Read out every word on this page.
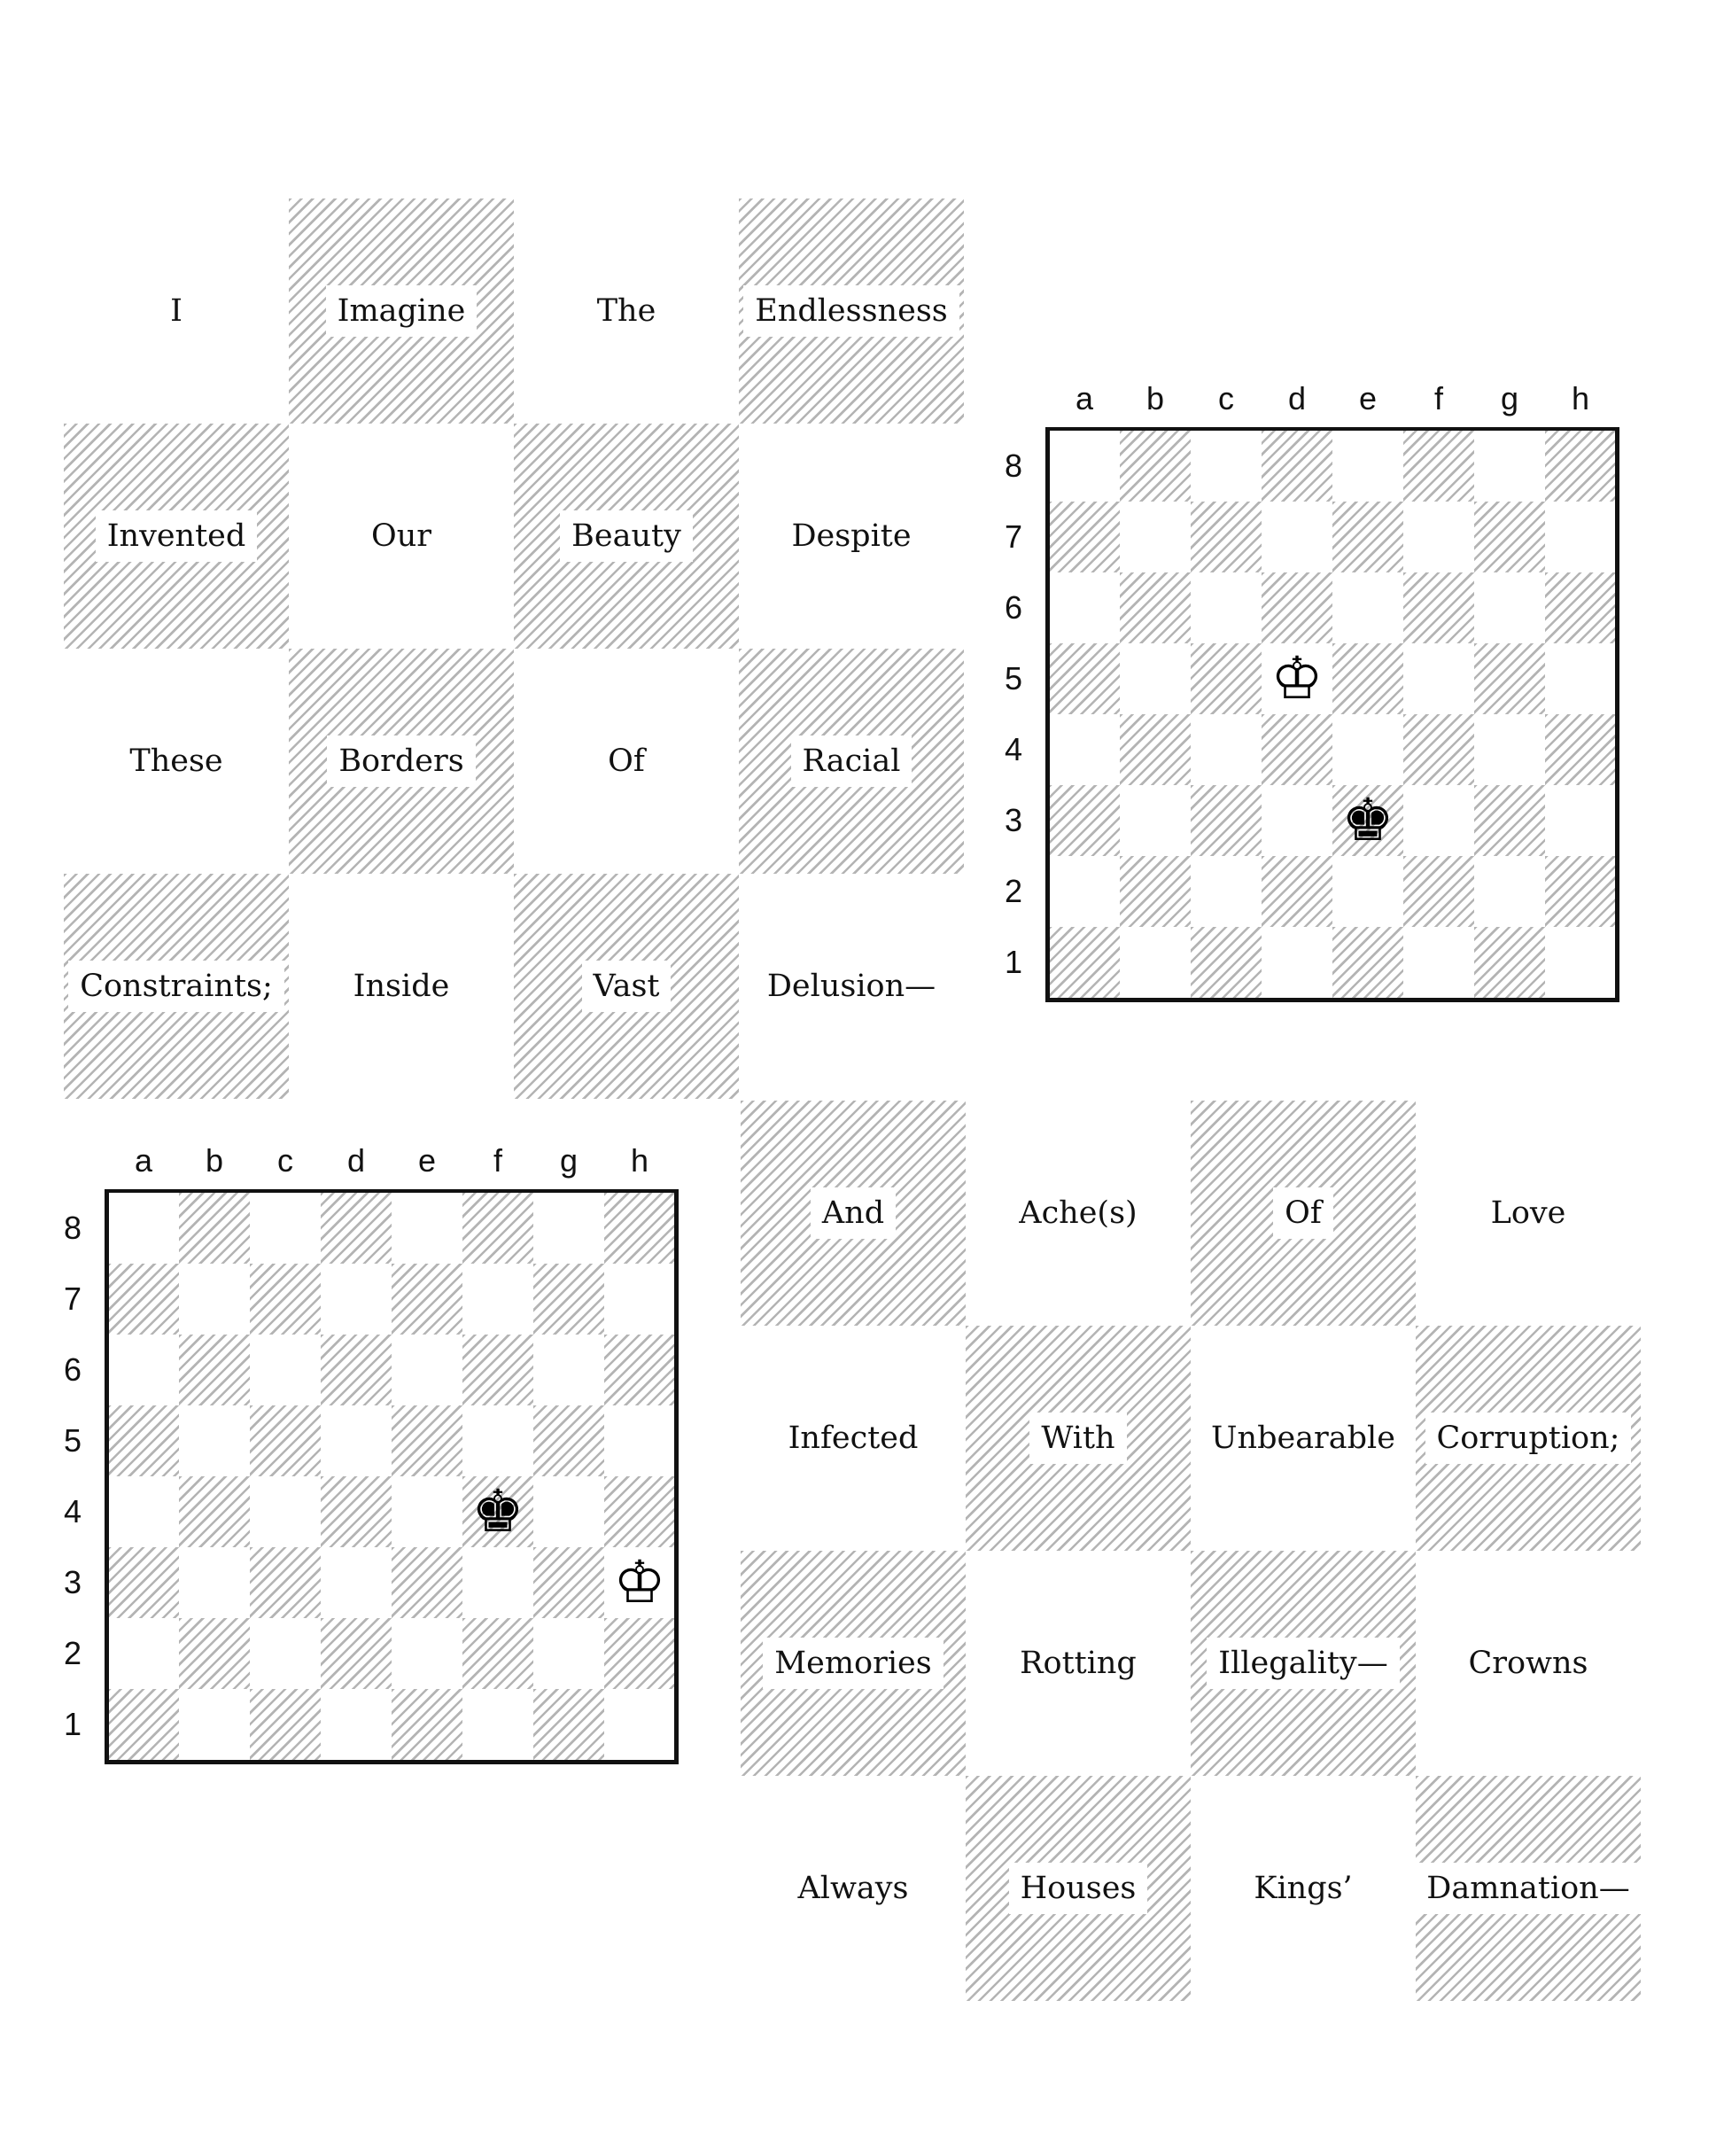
I	Imagine	The	Endlessness
Invented	Our	Beauty	Despite
These	Borders	Of	Racial
Constraints;	Inside	Vast	Delusion—
And	Ache(s)	Of	Love
Infected	With	Unbearable	Corruption;
Memories	Rotting	Illegality—	Crowns
Always	Houses	Kings’	Damnation—
a	b	c	d	e	f	g	h
8
7
6
5
4
3
2
1
♔
♚
a	b	c	d	e	f	g	h
8
7
6
5
4
3
2
1
♚
♔
